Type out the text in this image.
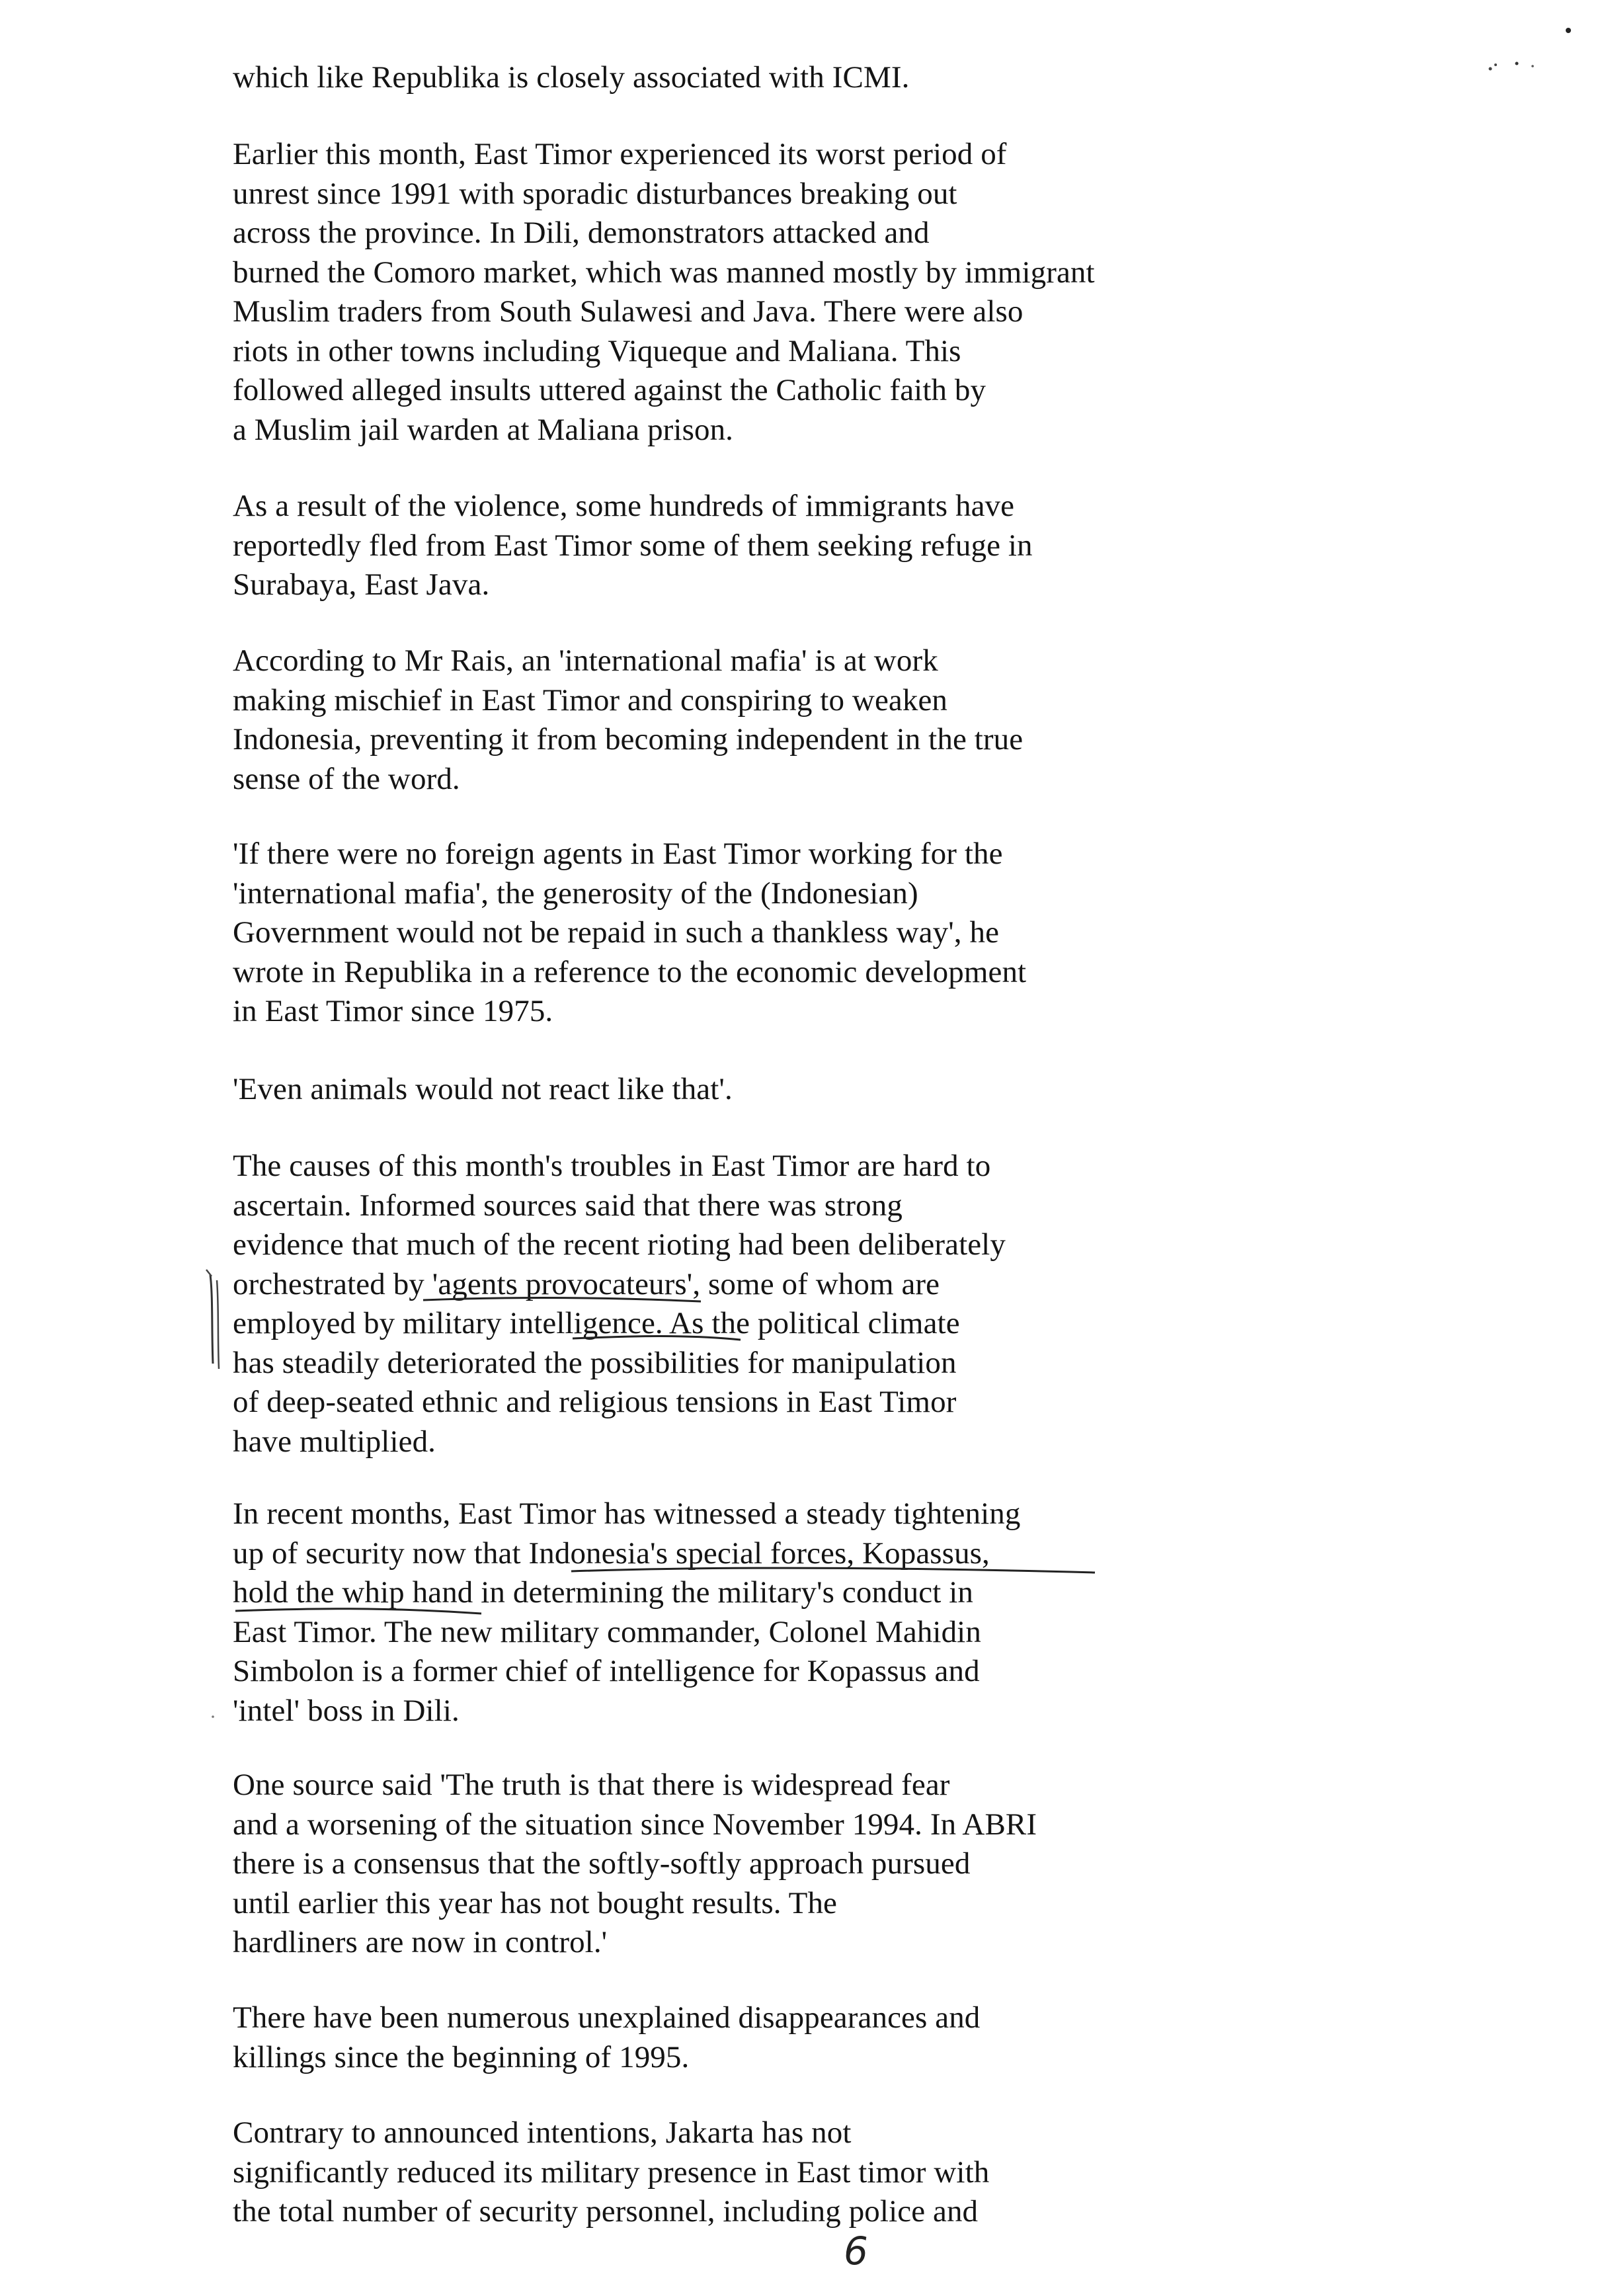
which like Republika is closely associated with ICMI.
Earlier this month, East Timor experienced its worst period of
unrest since 1991 with sporadic disturbances breaking out
across the province. In Dili, demonstrators attacked and
burned the Comoro market, which was manned mostly by immigrant
Muslim traders from South Sulawesi and Java. There were also
riots in other towns including Viqueque and Maliana. This
followed alleged insults uttered against the Catholic faith by
a Muslim jail warden at Maliana prison.
As a result of the violence, some hundreds of immigrants have
reportedly fled from East Timor some of them seeking refuge in
Surabaya, East Java.
According to Mr Rais, an 'international mafia' is at work
making mischief in East Timor and conspiring to weaken
Indonesia, preventing it from becoming independent in the true
sense of the word.
'If there were no foreign agents in East Timor working for the
'international mafia', the generosity of the (Indonesian)
Government would not be repaid in such a thankless way', he
wrote in Republika in a reference to the economic development
in East Timor since 1975.
'Even animals would not react like that'.
The causes of this month's troubles in East Timor are hard to
ascertain. Informed sources said that there was strong
evidence that much of the recent rioting had been deliberately
orchestrated by 'agents provocateurs', some of whom are
employed by military intelligence. As the political climate
has steadily deteriorated the possibilities for manipulation
of deep-seated ethnic and religious tensions in East Timor
have multiplied.
In recent months, East Timor has witnessed a steady tightening
up of security now that Indonesia's special forces, Kopassus,
hold the whip hand in determining the military's conduct in
East Timor. The new military commander, Colonel Mahidin
Simbolon is a former chief of intelligence for Kopassus and
'intel' boss in Dili.
One source said 'The truth is that there is widespread fear
and a worsening of the situation since November 1994. In ABRI
there is a consensus that the softly-softly approach pursued
until earlier this year has not bought results. The
hardliners are now in control.'
There have been numerous unexplained disappearances and
killings since the beginning of 1995.
Contrary to announced intentions, Jakarta has not
significantly reduced its military presence in East timor with
the total number of security personnel, including police and
6
